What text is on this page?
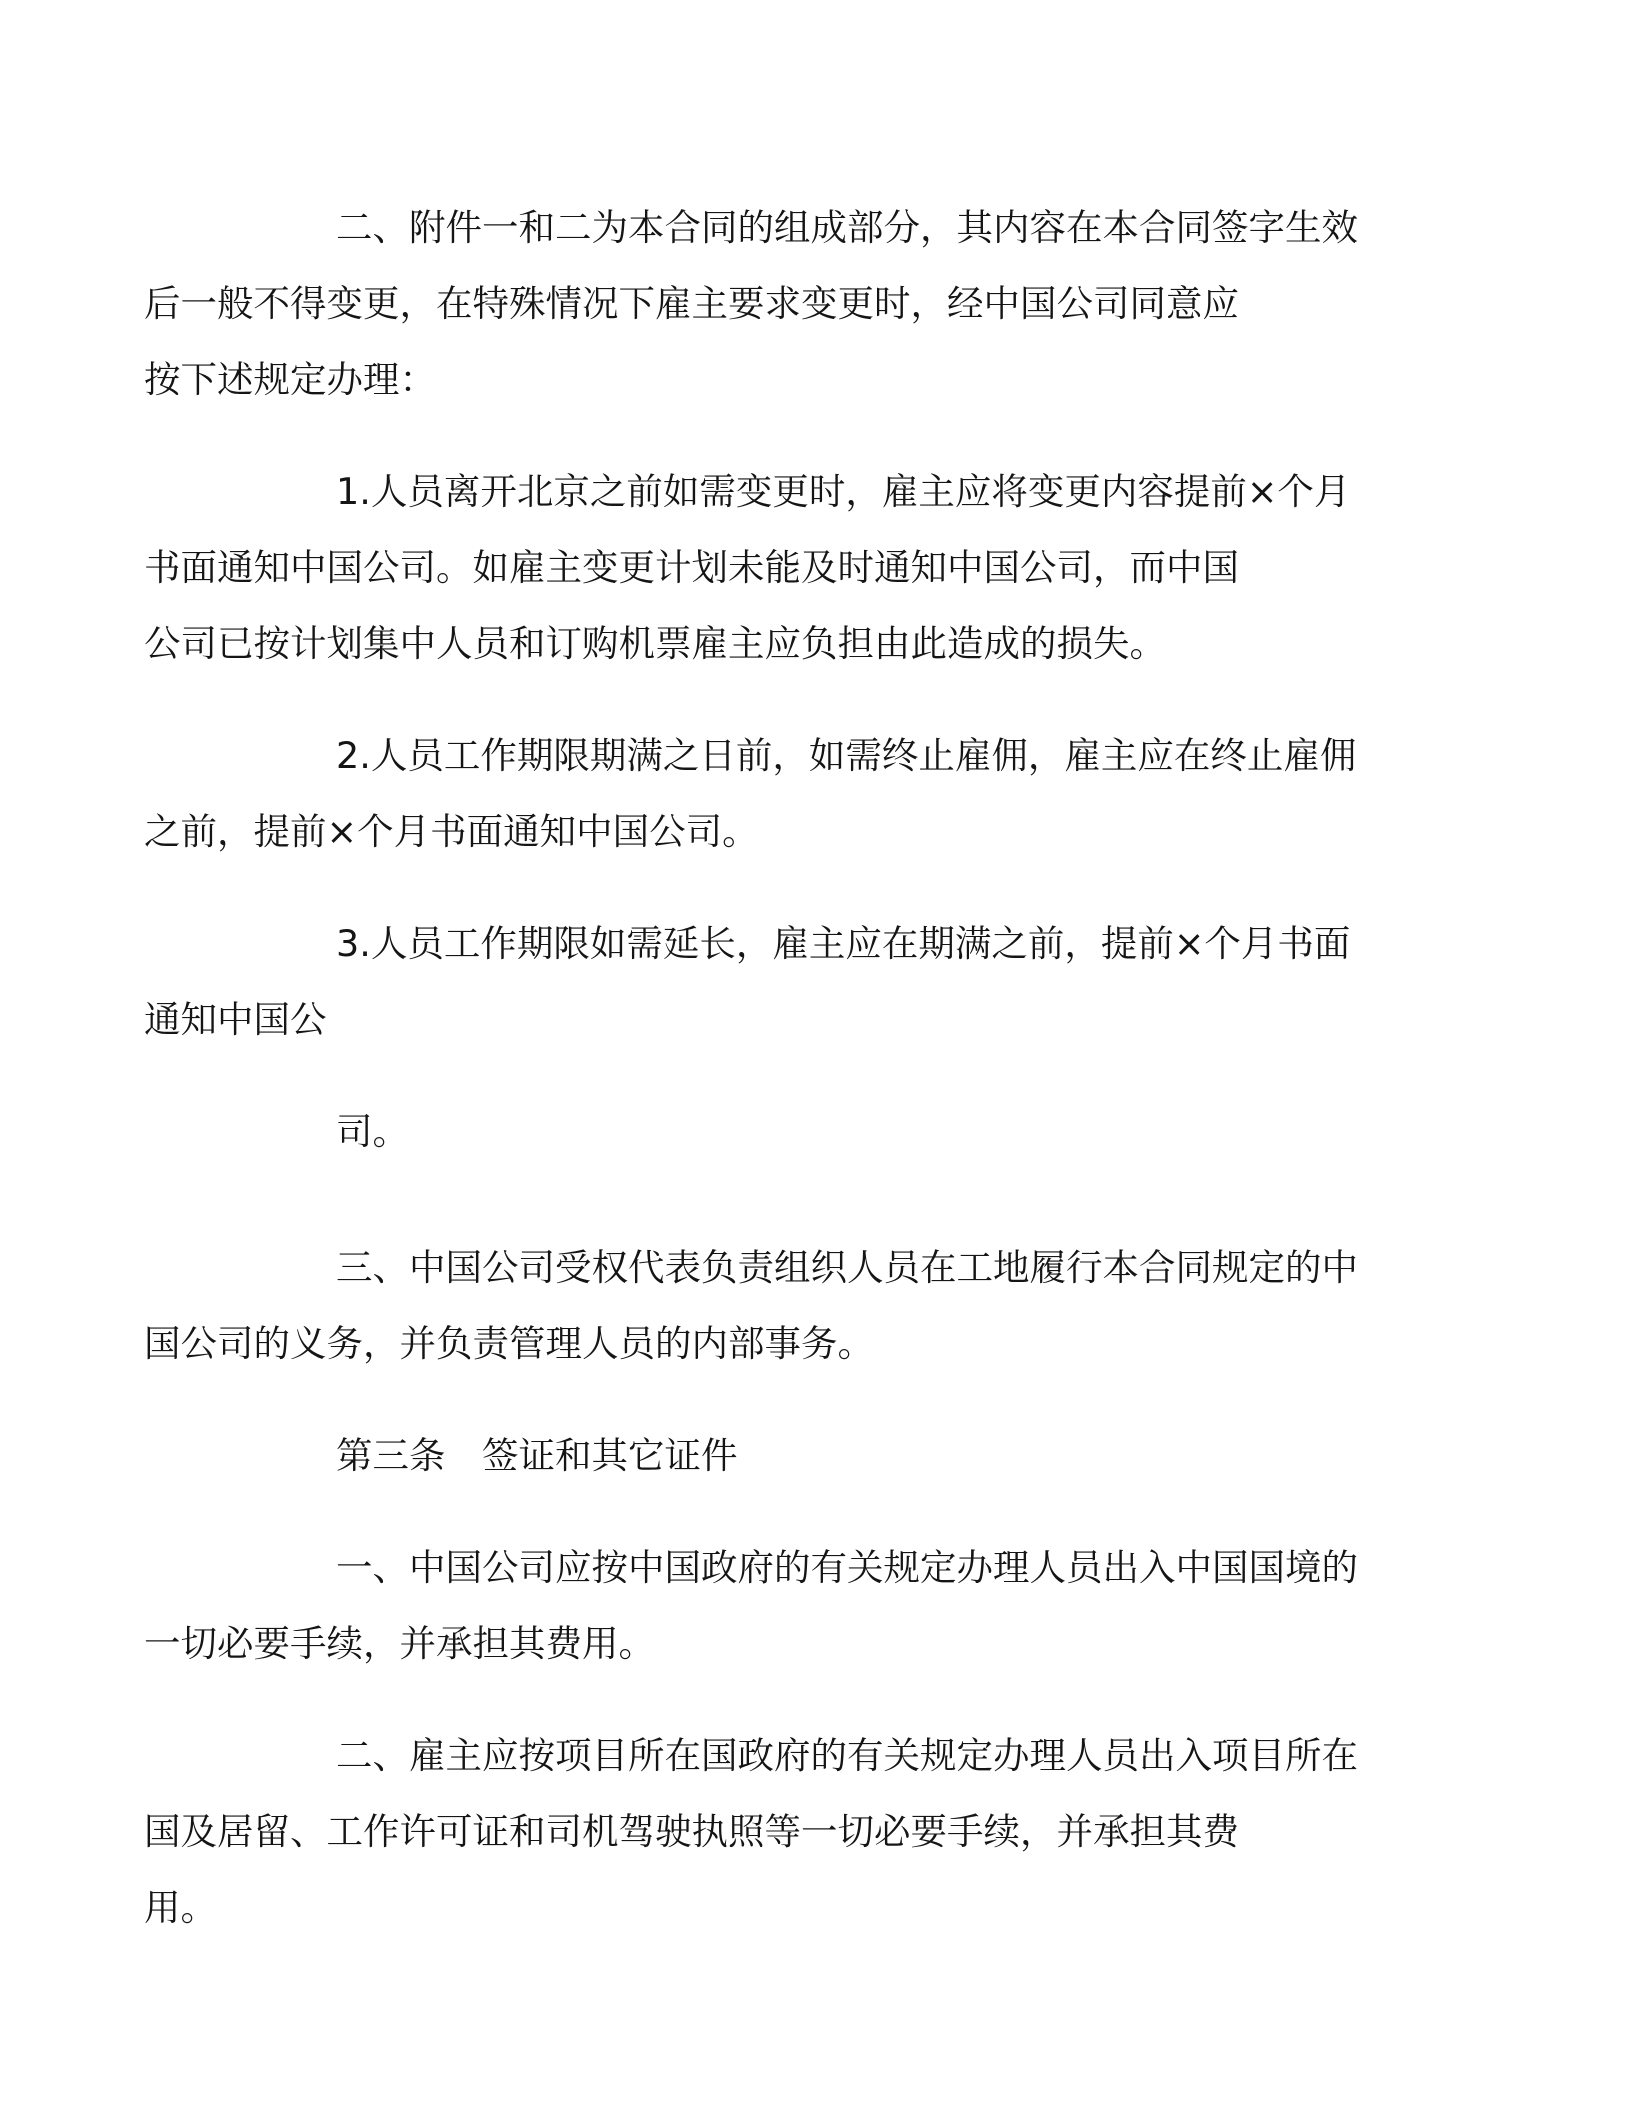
二、附件一和二为本合同的组成部分，其内容在本合同签字生效
后一般不得变更，在特殊情况下雇主要求变更时，经中国公司同意应
按下述规定办理：

1.人员离开北京之前如需变更时，雇主应将变更内容提前×个月
书面通知中国公司。如雇主变更计划未能及时通知中国公司，而中国
公司已按计划集中人员和订购机票雇主应负担由此造成的损失。

2.人员工作期限期满之日前，如需终止雇佣，雇主应在终止雇佣
之前，提前×个月书面通知中国公司。

3.人员工作期限如需延长，雇主应在期满之前，提前×个月书面
通知中国公

司。

三、中国公司受权代表负责组织人员在工地履行本合同规定的中
国公司的义务，并负责管理人员的内部事务。

第三条　签证和其它证件

一、中国公司应按中国政府的有关规定办理人员出入中国国境的
一切必要手续，并承担其费用。

二、雇主应按项目所在国政府的有关规定办理人员出入项目所在
国及居留、工作许可证和司机驾驶执照等一切必要手续，并承担其费
用。
